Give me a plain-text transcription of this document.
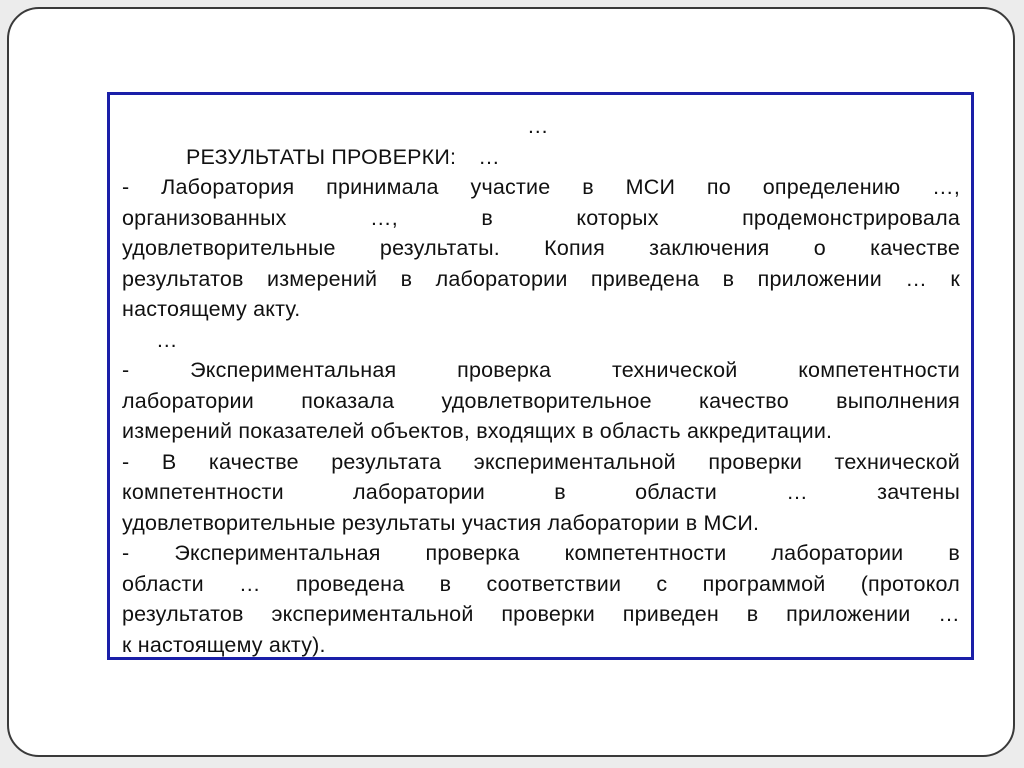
…
РЕЗУЛЬТАТЫ ПРОВЕРКИ: …
- Лаборатория принимала участие в МСИ по определению …,
организованных …, в которых продемонстрировала
удовлетворительные результаты. Копия заключения о качестве
результатов измерений в лаборатории приведена в приложении … к
настоящему акту.
…
- Экспериментальная проверка технической компетентности
лаборатории показала удовлетворительное качество выполнения
измерений показателей объектов, входящих в область аккредитации.
- В качестве результата экспериментальной проверки технической
компетентности лаборатории в области … зачтены
удовлетворительные результаты участия лаборатории в МСИ.
- Экспериментальная проверка компетентности лаборатории в
области … проведена в соответствии с программой (протокол
результатов экспериментальной проверки приведен в приложении …
к настоящему акту).
